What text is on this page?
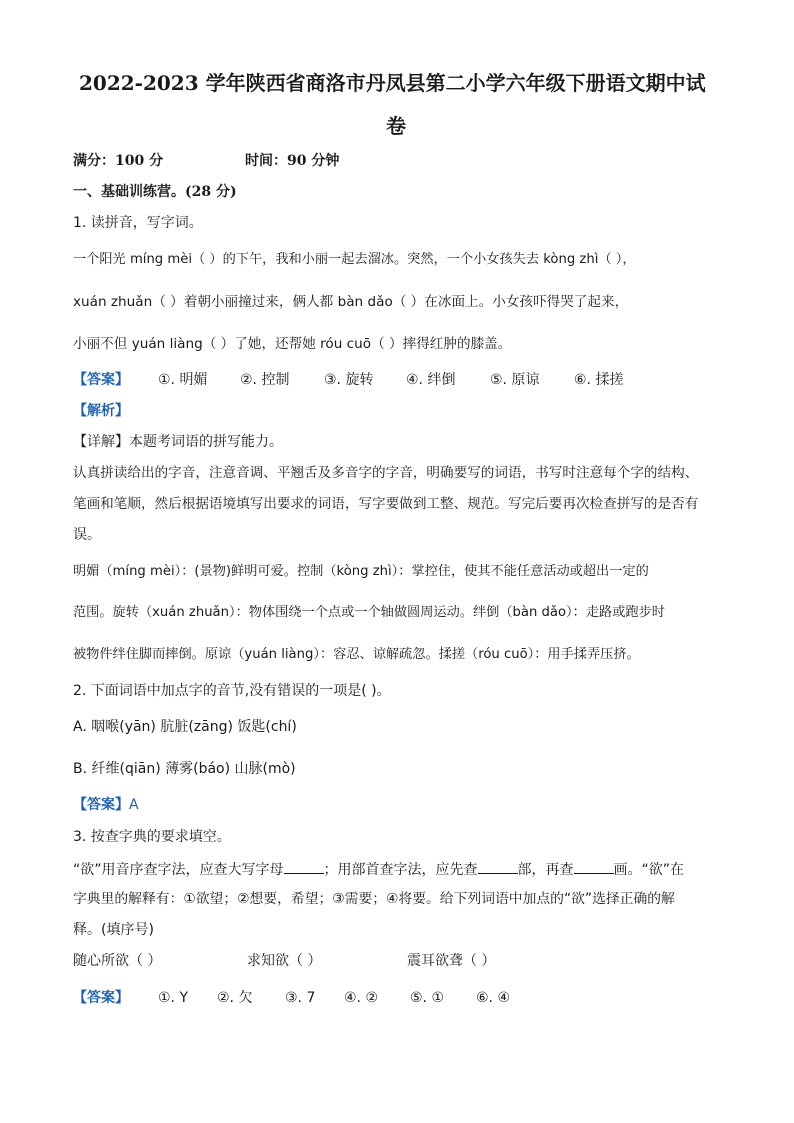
2022-2023 学年陕西省商洛市丹凤县第二小学六年级下册语文期中试
卷
满分：100 分	时间：90 分钟
一、基础训练营。(28 分)
1. 读拼音，写字词。
一个阳光 míng mèi（ ）的下午，我和小丽一起去溜冰。突然，一个小女孩失去 kòng zhì（ ），
xuán zhuǎn（ ）着朝小丽撞过来，俩人都 bàn dǎo（ ）在冰面上。小女孩吓得哭了起来，
小丽不但 yuán liàng（ ）了她，还帮她 róu cuō（ ）摔得红肿的膝盖。
【答案】 ①. 明媚 ②. 控制 ③. 旋转 ④. 绊倒 ⑤. 原谅 ⑥. 揉搓
【解析】
【详解】本题考词语的拼写能力。
认真拼读给出的字音，注意音调、平翘舌及多音字的字音，明确要写的词语，书写时注意每个字的结构、
笔画和笔顺，然后根据语境填写出要求的词语，写字要做到工整、规范。写完后要再次检查拼写的是否有
误。
明媚（míng mèi）：(景物)鲜明可爱。控制（kòng zhì）：掌控住，使其不能任意活动或超出一定的
范围。旋转（xuán zhuǎn）：物体围绕一个点或一个轴做圆周运动。绊倒（bàn dǎo）：走路或跑步时
被物件绊住脚而摔倒。原谅（yuán liàng）：容忍、谅解疏忽。揉搓（róu cuō）：用手揉弄压挤。
2. 下面词语中加点字的音节,没有错误的一项是( )。
A. 咽喉(yān) 肮脏(zāng) 饭匙(chí)
B. 纤维(qiān) 薄雾(báo) 山脉(mò)
【答案】 A
3. 按查字典的要求填空。
“欲”用音序查字法，应查大写字母	；用部首查字法，应先查	部，再查	画。“欲”在
字典里的解释有：①欲望；②想要，希望；③需要；④将要。给下列词语中加点的“欲”选择正确的解
释。(填序号)
随心所欲（ ）	求知欲（ ）	震耳欲聋（ ）
【答案】 ①. Y ②. 欠 ③. 7 ④. ② ⑤. ① ⑥. ④
